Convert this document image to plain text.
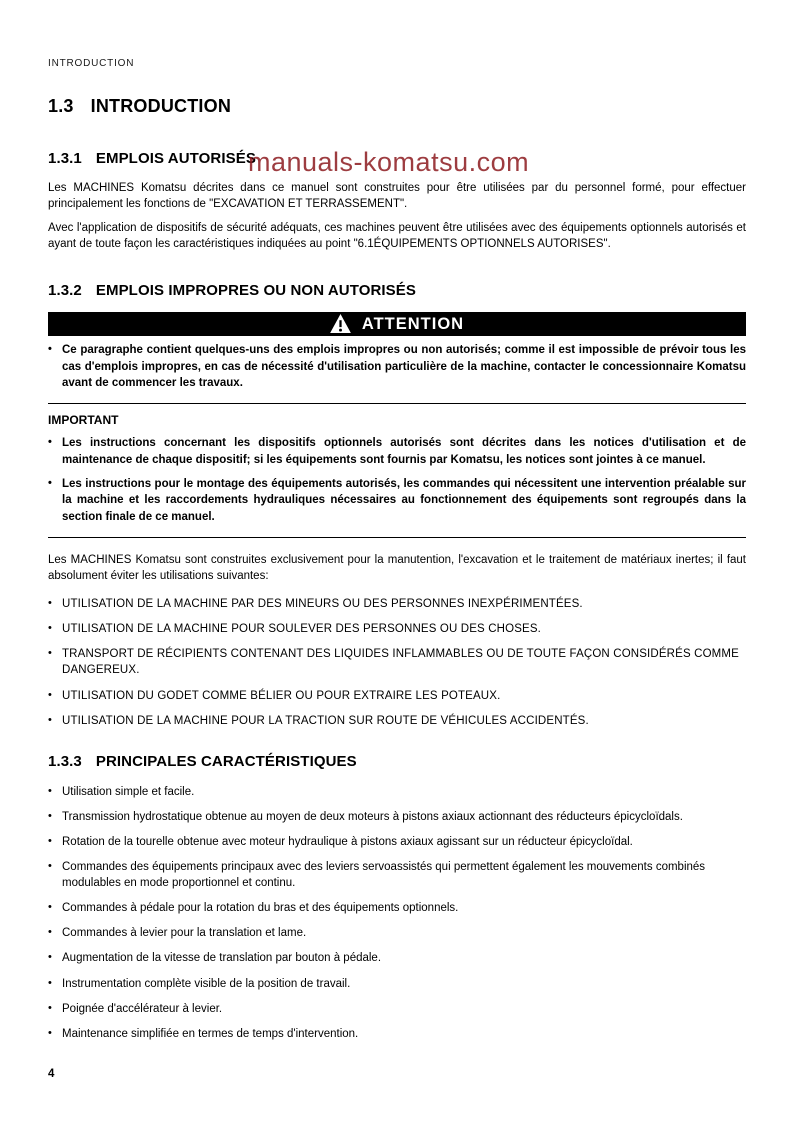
manuals-komatsu.com
INTRODUCTION
1.3 INTRODUCTION
1.3.1 EMPLOIS AUTORISÉS

Les MACHINES Komatsu décrites dans ce manuel sont construites pour être utilisées par du personnel formé, pour effectuer principalement les fonctions de "EXCAVATION ET TERRASSEMENT".

Avec l'application de dispositifs de sécurité adéquats, ces machines peuvent être utilisées avec des équipements optionnels autorisés et ayant de toute façon les caractéristiques indiquées au point "6.1ÉQUIPEMENTS OPTIONNELS AUTORISES".

1.3.2 EMPLOIS IMPROPRES OU NON AUTORISÉS
ATTENTION
• Ce paragraphe contient quelques-uns des emplois impropres ou non autorisés; comme il est impossible de prévoir tous les cas d'emplois impropres, en cas de nécessité d'utilisation particulière de la machine, contacter le concessionnaire Komatsu avant de commencer les travaux.
IMPORTANT
• Les instructions concernant les dispositifs optionnels autorisés sont décrites dans les notices d'utilisation et de maintenance de chaque dispositif; si les équipements sont fournis par Komatsu, les notices sont jointes à ce manuel.
• Les instructions pour le montage des équipements autorisés, les commandes qui nécessitent une intervention préalable sur la machine et les raccordements hydrauliques nécessaires au fonctionnement des équipements sont regroupés dans la section finale de ce manuel.

Les MACHINES Komatsu sont construites exclusivement pour la manutention, l'excavation et le traitement de matériaux inertes; il faut absolument éviter les utilisations suivantes:

• UTILISATION DE LA MACHINE PAR DES MINEURS OU DES PERSONNES INEXPÉRIMENTÉES.
• UTILISATION DE LA MACHINE POUR SOULEVER DES PERSONNES OU DES CHOSES.
• TRANSPORT DE RÉCIPIENTS CONTENANT DES LIQUIDES INFLAMMABLES OU DE TOUTE FAÇON CONSIDÉRÉS COMME DANGEREUX.
• UTILISATION DU GODET COMME BÉLIER OU POUR EXTRAIRE LES POTEAUX.
• UTILISATION DE LA MACHINE POUR LA TRACTION SUR ROUTE DE VÉHICULES ACCIDENTÉS.
1.3.3 PRINCIPALES CARACTÉRISTIQUES
• Utilisation simple et facile.
• Transmission hydrostatique obtenue au moyen de deux moteurs à pistons axiaux actionnant des réducteurs épicycloïdals.
• Rotation de la tourelle obtenue avec moteur hydraulique à pistons axiaux agissant sur un réducteur épicycloïdal.
• Commandes des équipements principaux avec des leviers servoassistés qui permettent également les mouvements combinés modulables en mode proportionnel et continu.
• Commandes à pédale pour la rotation du bras et des équipements optionnels.
• Commandes à levier pour la translation et lame.
• Augmentation de la vitesse de translation par bouton à pédale.
• Instrumentation complète visible de la position de travail.
• Poignée d'accélérateur à levier.
• Maintenance simplifiée en termes de temps d'intervention.
4
